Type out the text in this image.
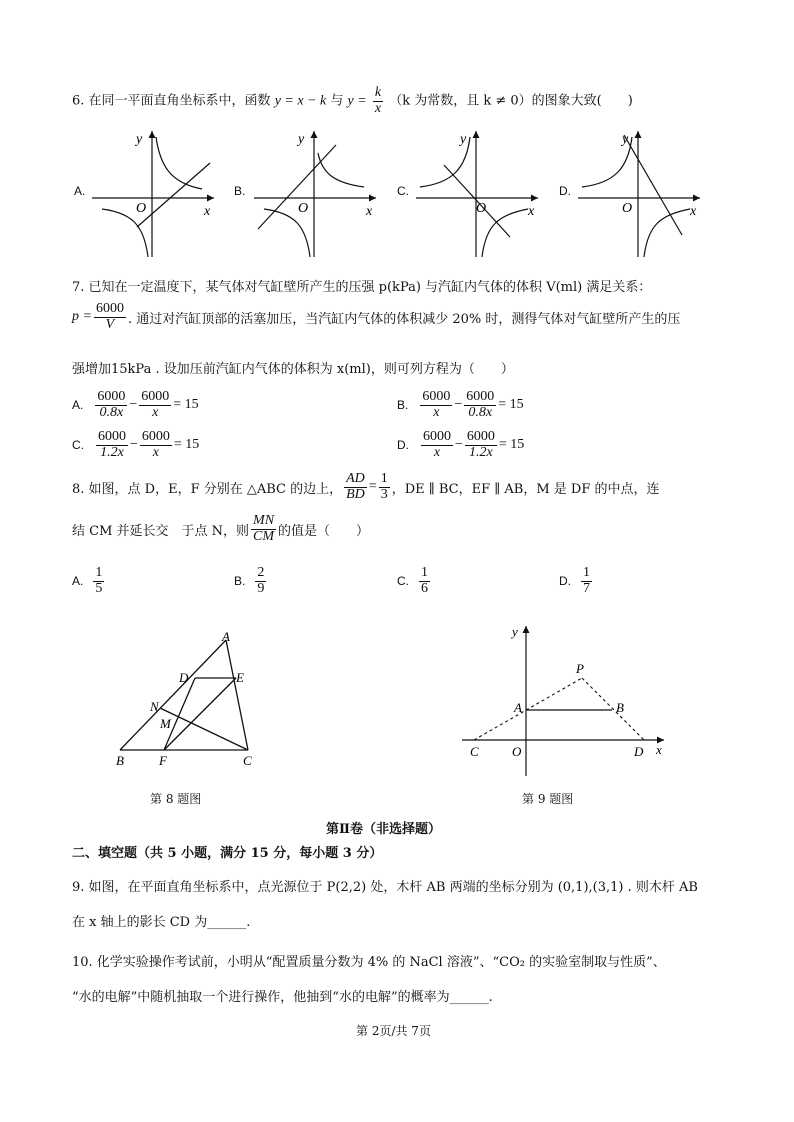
6. 在同一平面直角坐标系中，函数 y = x − k 与 $y = \frac{k}{x} (k$ 为常数，且 k ≠ 0）的图象大致(　　)
A.	B.	C.	D.
y
x
O
y
x
O
y
x
O
y
x
O
7. 已知在一定温度下，某气体对气缸壁所产生的压强 p(kPa) 与汽缸内气体的体积 V(ml) 满足关系：
$p = \frac{6000}{V}$ . 通过对汽缸顶部的活塞加压，当汽缸内气体的体积减少 20% 时，测得气体对气缸壁所产生的压
强增加15kPa . 设加压前汽缸内气体的体积为 x(ml)，则可列方程为（　　）
A. $\frac{6000}{0.8x} - \frac{6000}{x} = 15$	B. $\frac{6000}{x} - \frac{6000}{0.8x} = 15$
C. $\frac{6000}{1.2x} - \frac{6000}{x} = 15$	D. $\frac{6000}{x} - \frac{6000}{1.2x} = 15$
8. 如图，点 D，E，F 分别在 △ABC 的边上， $\frac{AD}{BD} = \frac{1}{3}$ ，DE ∥ BC，EF ∥ AB，M 是 DF 的中点，连
结 CM 并延长交　于点 N，则 $\frac{MN}{CM}$ 的值是（　　）
A. $\frac{1}{5}$	B. $\frac{2}{9}$	C. $\frac{1}{6}$	D. $\frac{1}{7}$
A
D	E
N
M
B	F	C
第 8 题图
P
A	B
C	O	D x
y
第 9 题图
第Ⅱ卷（非选择题）
二、填空题（共 5 小题，满分 15 分，每小题 3 分）
9. 如图，在平面直角坐标系中，点光源位于 P(2,2) 处，木杆 AB 两端的坐标分别为 (0,1),(3,1) . 则木杆 AB
在 x 轴上的影长 CD 为______.
10. 化学实验操作考试前，小明从“配置质量分数为 4% 的 NaCl 溶液”、“CO₂ 的实验室制取与性质”、
“水的电解”中随机抽取一个进行操作，他抽到“水的电解”的概率为______.
第 2页/共 7页
